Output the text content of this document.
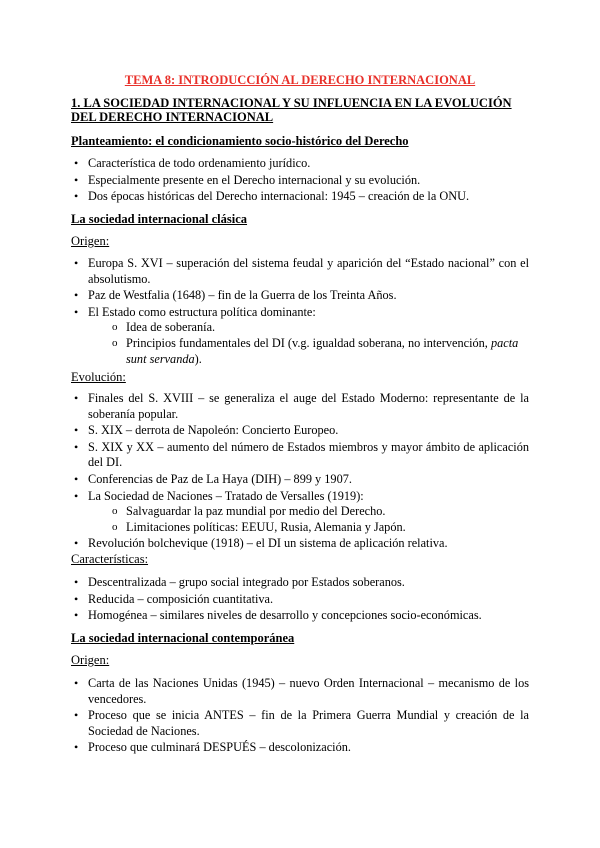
TEMA 8: INTRODUCCIÓN AL DERECHO INTERNACIONAL
1. LA SOCIEDAD INTERNACIONAL Y SU INFLUENCIA EN LA EVOLUCIÓN DEL DERECHO INTERNACIONAL
Planteamiento: el condicionamiento socio-histórico del Derecho
• Característica de todo ordenamiento jurídico.
• Especialmente presente en el Derecho internacional y su evolución.
• Dos épocas históricas del Derecho internacional: 1945 – creación de la ONU.
La sociedad internacional clásica
Origen:
• Europa S. XVI – superación del sistema feudal y aparición del “Estado nacional” con el absolutismo.
• Paz de Westfalia (1648) – fin de la Guerra de los Treinta Años.
• El Estado como estructura política dominante:
o Idea de soberanía.
o Principios fundamentales del DI (v.g. igualdad soberana, no intervención, pacta sunt servanda).
Evolución:
• Finales del S. XVIII – se generaliza el auge del Estado Moderno: representante de la soberanía popular.
• S. XIX – derrota de Napoleón: Concierto Europeo.
• S. XIX y XX – aumento del número de Estados miembros y mayor ámbito de aplicación del DI.
• Conferencias de Paz de La Haya (DIH) – 899 y 1907.
• La Sociedad de Naciones – Tratado de Versalles (1919):
o Salvaguardar la paz mundial por medio del Derecho.
o Limitaciones políticas: EEUU, Rusia, Alemania y Japón.
• Revolución bolchevique (1918) – el DI un sistema de aplicación relativa.
Características:
• Descentralizada – grupo social integrado por Estados soberanos.
• Reducida – composición cuantitativa.
• Homogénea – similares niveles de desarrollo y concepciones socio-económicas.
La sociedad internacional contemporánea
Origen:
• Carta de las Naciones Unidas (1945) – nuevo Orden Internacional – mecanismo de los vencedores.
• Proceso que se inicia ANTES – fin de la Primera Guerra Mundial y creación de la Sociedad de Naciones.
• Proceso que culminará DESPUÉS – descolonización.
